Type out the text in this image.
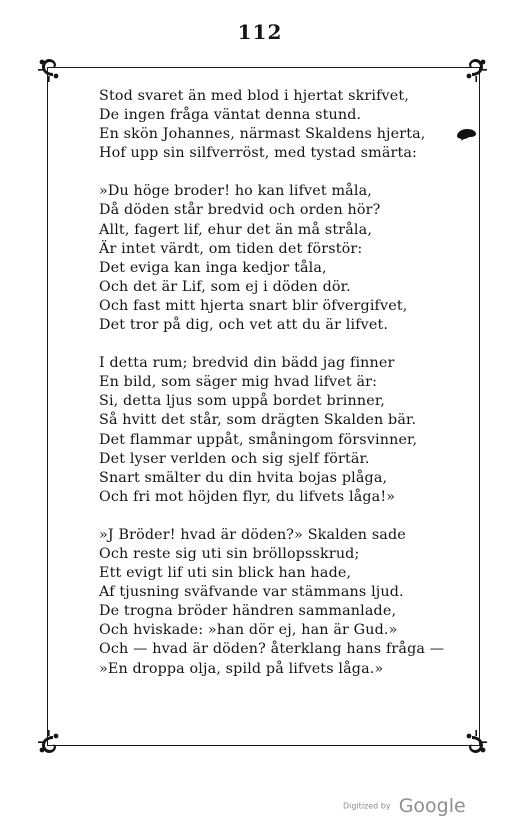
112
Stod svaret än med blod i hjertat skrifvet,
De ingen fråga väntat denna stund.
En skön Johannes, närmast Skaldens hjerta,
Hof upp sin silfverröst, med tystad smärta:
»Du höge broder! ho kan lifvet måla,
Då döden står bredvid och orden hör?
Allt, fagert lif, ehur det än må stråla,
Är intet värdt, om tiden det förstör:
Det eviga kan inga kedjor tåla,
Och det är Lif, som ej i döden dör.
Och fast mitt hjerta snart blir öfvergifvet,
Det tror på dig, och vet att du är lifvet.
I detta rum; bredvid din bädd jag finner
En bild, som säger mig hvad lifvet är:
Si, detta ljus som uppå bordet brinner,
Så hvitt det står, som drägten Skalden bär.
Det flammar uppåt, småningom försvinner,
Det lyser verlden och sig sjelf förtär.
Snart smälter du din hvita bojas plåga,
Och fri mot höjden flyr, du lifvets låga!»
»J Bröder! hvad är döden?» Skalden sade
Och reste sig uti sin bröllopsskrud;
Ett evigt lif uti sin blick han hade,
Af tjusning sväfvande var stämmans ljud.
De trogna bröder händren sammanlade,
Och hviskade: »han dör ej, han är Gud.»
Och — hvad är döden? återklang hans fråga —
»En droppa olja, spild på lifvets låga.»
Digitized by Google
